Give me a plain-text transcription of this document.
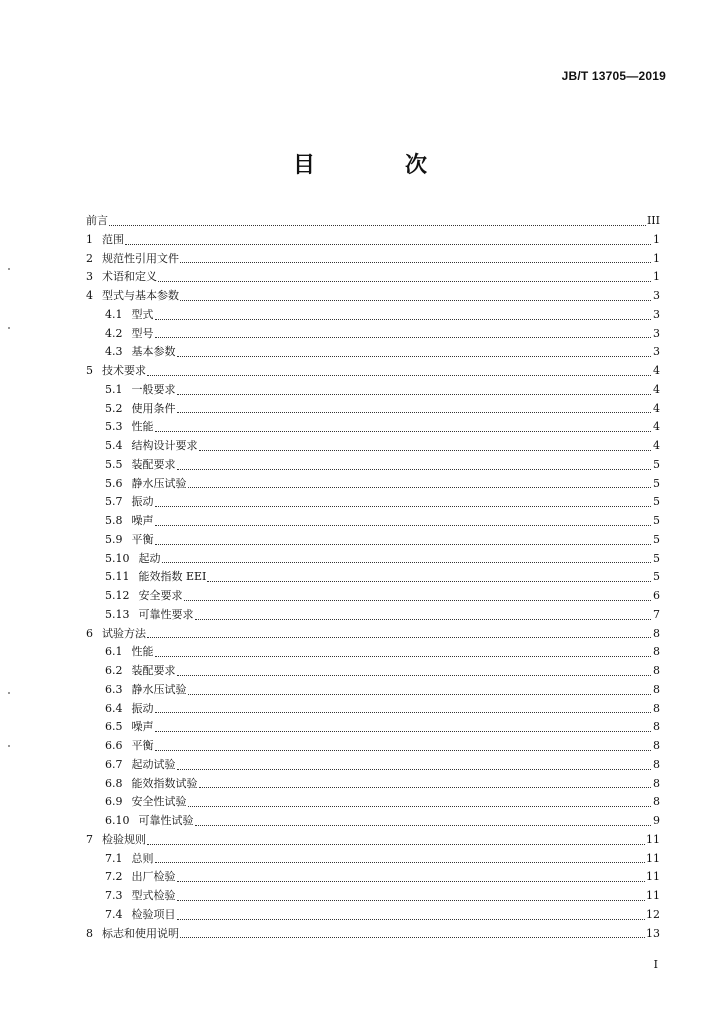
JB/T 13705—2019
目　次
前言	III
1 范围	1
2 规范性引用文件	1
3 术语和定义	1
4 型式与基本参数	3
4.1 型式	3
4.2 型号	3
4.3 基本参数	3
5 技术要求	4
5.1 一般要求	4
5.2 使用条件	4
5.3 性能	4
5.4 结构设计要求	4
5.5 装配要求	5
5.6 静水压试验	5
5.7 振动	5
5.8 噪声	5
5.9 平衡	5
5.10 起动	5
5.11 能效指数 EEI	5
5.12 安全要求	6
5.13 可靠性要求	7
6 试验方法	8
6.1 性能	8
6.2 装配要求	8
6.3 静水压试验	8
6.4 振动	8
6.5 噪声	8
6.6 平衡	8
6.7 起动试验	8
6.8 能效指数试验	8
6.9 安全性试验	8
6.10 可靠性试验	9
7 检验规则	11
7.1 总则	11
7.2 出厂检验	11
7.3 型式检验	11
7.4 检验项目	12
8 标志和使用说明	13
I
